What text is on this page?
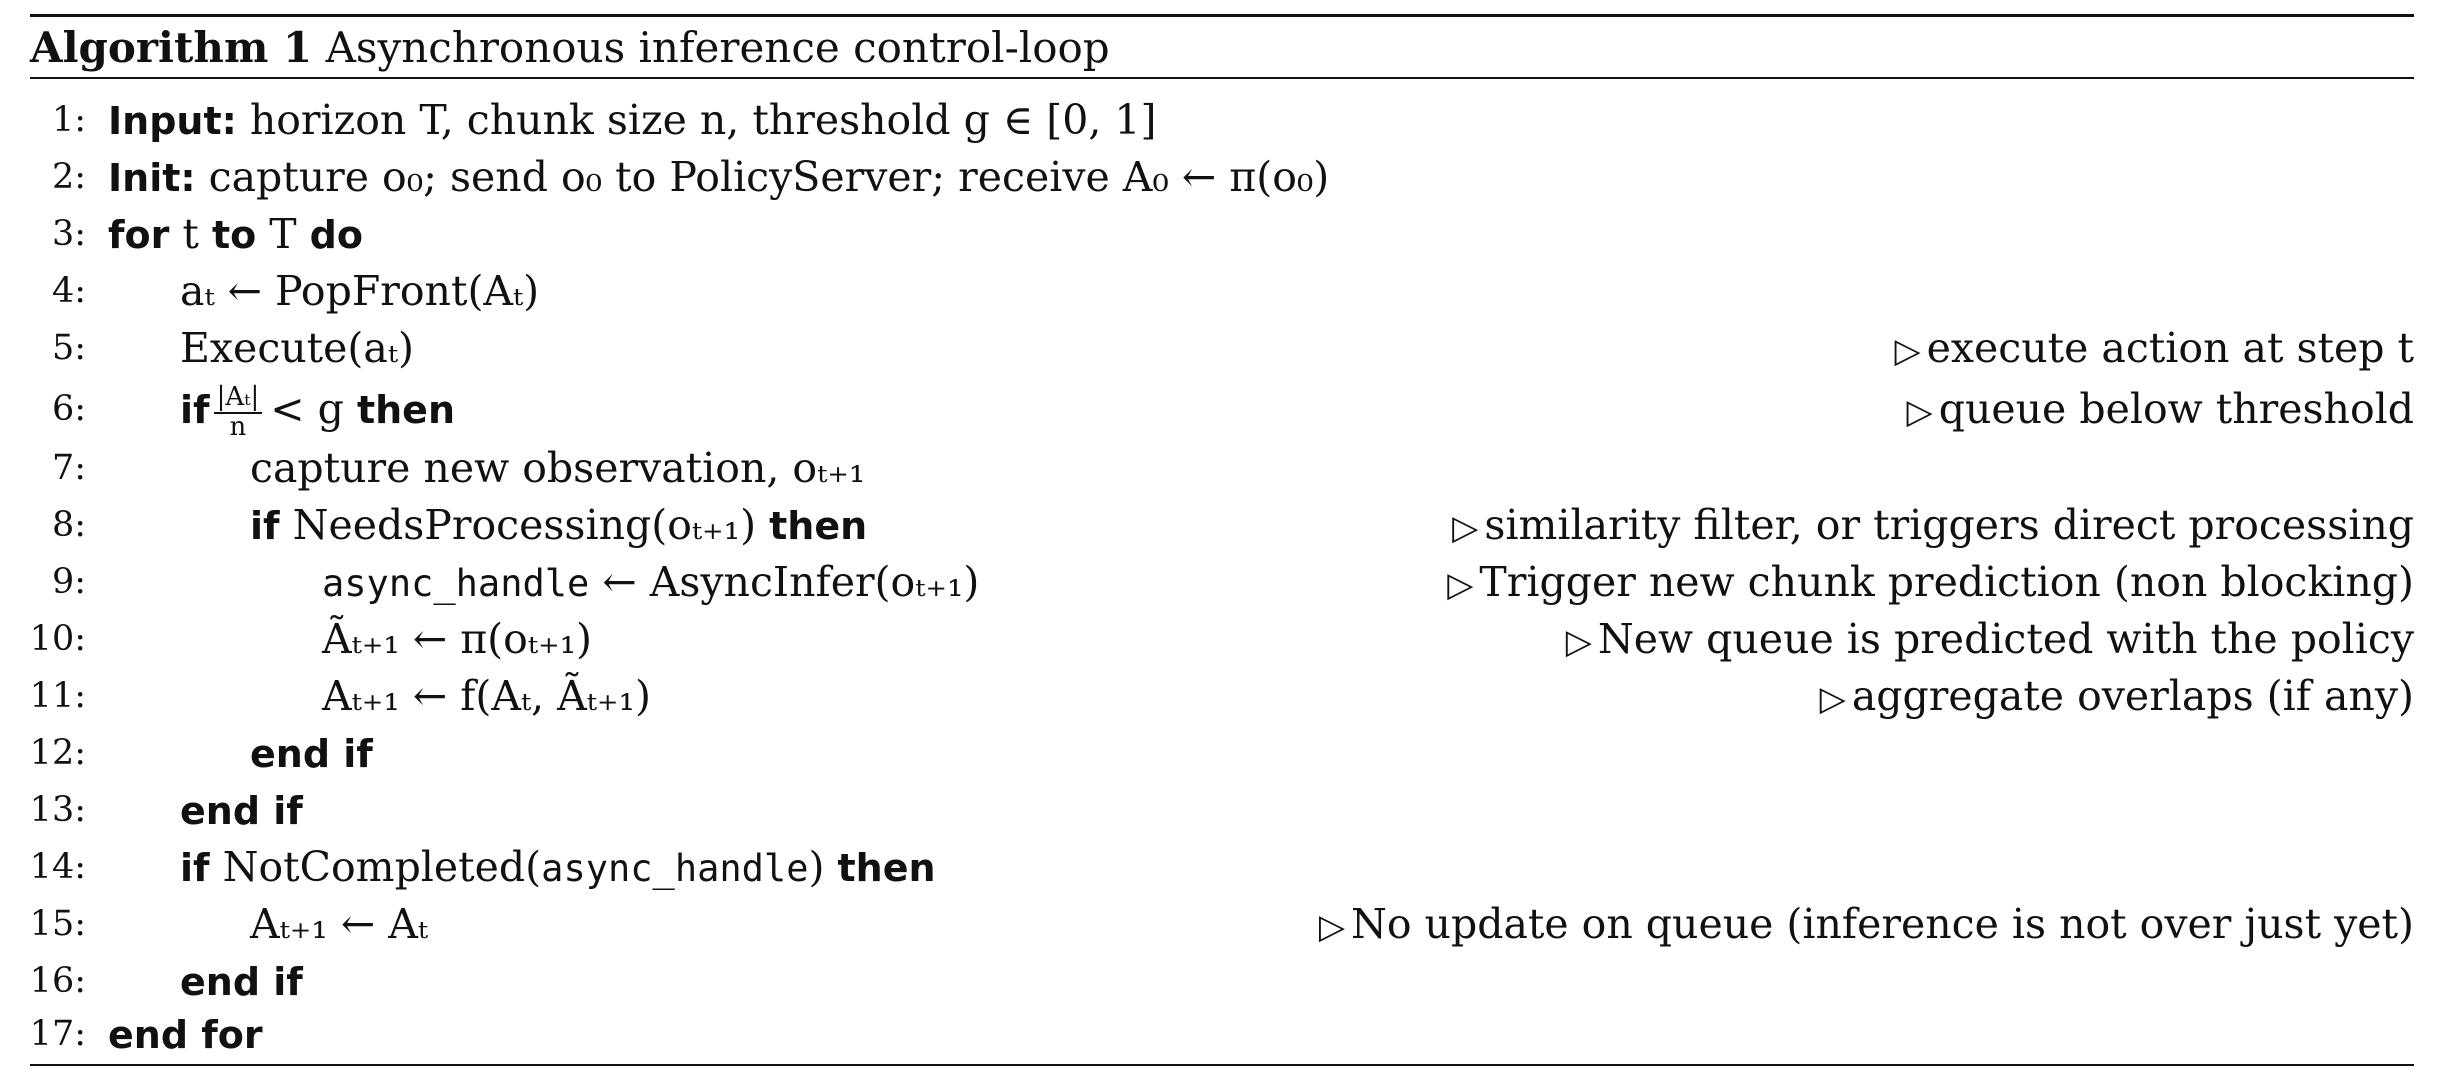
Algorithm 1 Asynchronous inference control-loop
1: Input: horizon T, chunk size n, threshold g ∈ [0, 1]
2: Init: capture o₀; send o₀ to PolicyServer; receive A₀ ← π(o₀)
3: for t to T do
4: aₜ ← PopFront(Aₜ)
5: Execute(aₜ)	▷ execute action at step t
6: if $\frac{\text{|Aₜ|}}{n} < g$ then	▷ queue below threshold
7:	capture new observation, oₜ₊₁
8:	if NeedsProcessing(oₜ₊₁) then	▷ similarity filter, or triggers direct processing
9:	async_handle ← AsyncInfer(oₜ₊₁)	▷ Trigger new chunk prediction (non blocking)
10:	Ãₜ₊₁ ← π(oₜ₊₁)	▷ New queue is predicted with the policy
11:	Aₜ₊₁ ← f(Aₜ, Ãₜ₊₁)	▷ aggregate overlaps (if any)
12:	end if
13: end if
14: if NotCompleted(async_handle) then
15:	Aₜ₊₁ ← Aₜ	▷ No update on queue (inference is not over just yet)
16: end if
17: end for
